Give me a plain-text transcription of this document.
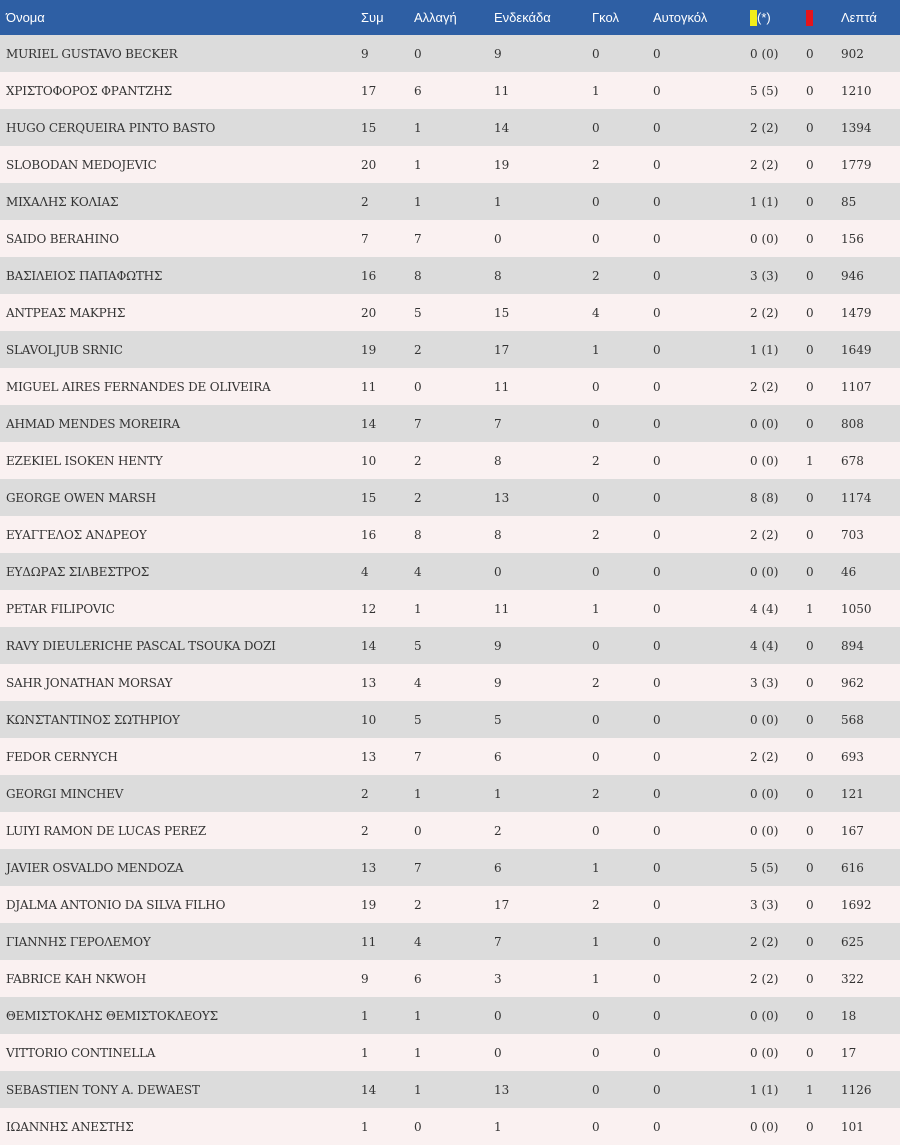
Όνομα	Συμ	Αλλαγή	Ενδεκάδα	Γκολ	Αυτογκόλ	(*)		Λεπτά
MURIEL GUSTAVO BECKER	9	0	9	0	0	0 (0)	0	902
ΧΡΙΣΤΟΦΟΡΟΣ ΦΡΑΝΤΖΗΣ	17	6	11	1	0	5 (5)	0	1210
HUGO CERQUEIRA PINTO BASTO	15	1	14	0	0	2 (2)	0	1394
SLOBODAN MEDOJEVIC	20	1	19	2	0	2 (2)	0	1779
ΜΙΧΑΛΗΣ ΚΟΛΙΑΣ	2	1	1	0	0	1 (1)	0	85
SAIDO BERAHINO	7	7	0	0	0	0 (0)	0	156
ΒΑΣΙΛΕΙΟΣ ΠΑΠΑΦΩΤΗΣ	16	8	8	2	0	3 (3)	0	946
ΑΝΤΡΕΑΣ ΜΑΚΡΗΣ	20	5	15	4	0	2 (2)	0	1479
SLAVOLJUB SRNIC	19	2	17	1	0	1 (1)	0	1649
MIGUEL AIRES FERNANDES DE OLIVEIRA	11	0	11	0	0	2 (2)	0	1107
AHMAD MENDES MOREIRA	14	7	7	0	0	0 (0)	0	808
EZEKIEL ISOKEN HENTY	10	2	8	2	0	0 (0)	1	678
GEORGE OWEN MARSH	15	2	13	0	0	8 (8)	0	1174
ΕΥΑΓΓΕΛΟΣ ΑΝΔΡΕΟΥ	16	8	8	2	0	2 (2)	0	703
ΕΥΔΩΡΑΣ ΣΙΛΒΕΣΤΡΟΣ	4	4	0	0	0	0 (0)	0	46
PETAR FILIPOVIC	12	1	11	1	0	4 (4)	1	1050
RAVY DIEULERICHE PASCAL TSOUKA DOZI	14	5	9	0	0	4 (4)	0	894
SAHR JONATHAN MORSAY	13	4	9	2	0	3 (3)	0	962
ΚΩΝΣΤΑΝΤΙΝΟΣ ΣΩΤΗΡΙΟΥ	10	5	5	0	0	0 (0)	0	568
FEDOR CERNYCH	13	7	6	0	0	2 (2)	0	693
GEORGI MINCHEV	2	1	1	2	0	0 (0)	0	121
LUIYI RAMON DE LUCAS PEREZ	2	0	2	0	0	0 (0)	0	167
JAVIER OSVALDO MENDOZA	13	7	6	1	0	5 (5)	0	616
DJALMA ANTONIO DA SILVA FILHO	19	2	17	2	0	3 (3)	0	1692
ΓΙΑΝΝΗΣ ΓΕΡΟΛΕΜΟΥ	11	4	7	1	0	2 (2)	0	625
FABRICE KAH NKWOH	9	6	3	1	0	2 (2)	0	322
ΘΕΜΙΣΤΟΚΛΗΣ ΘΕΜΙΣΤΟΚΛΕΟΥΣ	1	1	0	0	0	0 (0)	0	18
VITTORIO CONTINELLA	1	1	0	0	0	0 (0)	0	17
SEBASTIEN TONY A. DEWAEST	14	1	13	0	0	1 (1)	1	1126
ΙΩΑΝΝΗΣ ΑΝΕΣΤΗΣ	1	0	1	0	0	0 (0)	0	101
